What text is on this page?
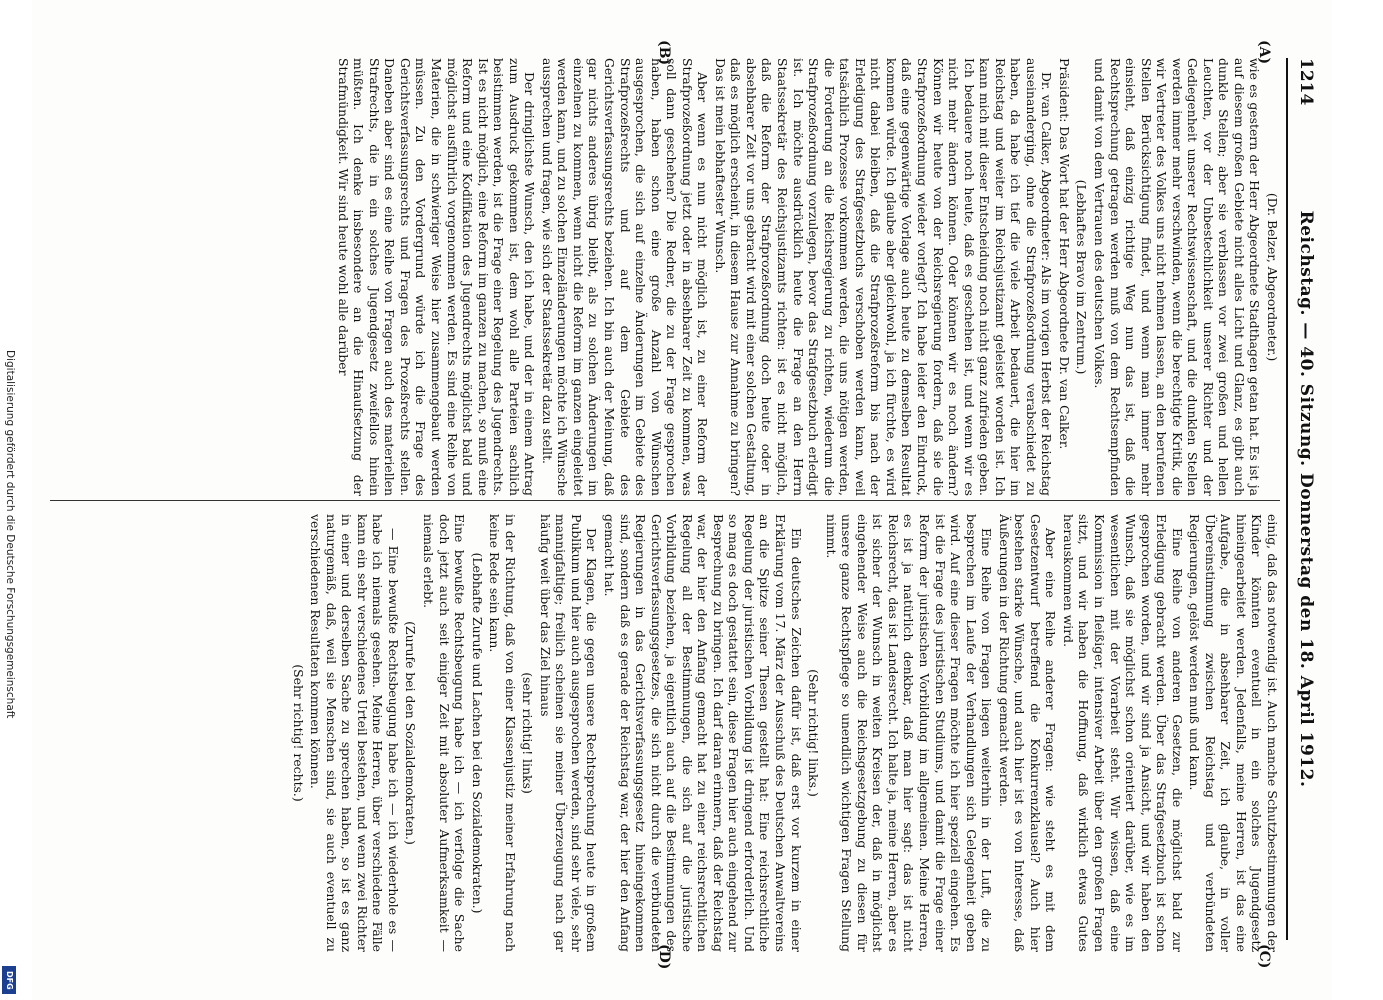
1214
Reichstag. — 40. Sitzung. Donnerstag den 18. April 1912.

(Dr. Belzer, Abgeordneter.)

wie es gestern der Herr Abgeordnete Stadthagen getan hat. Es ist ja auf diesem großen Gebiete nicht alles Licht und Glanz, es gibt auch dunkle Stellen; aber sie verblassen vor zwei großen und hellen Leuchten, vor der Unbestechlichkeit unserer Richter und der Gediegenheit unserer Rechtswissenschaft, und die dunklen Stellen werden immer mehr verschwinden, wenn die berechtigte Kritik, die wir Vertreter des Volkes uns nicht nehmen lassen, an den berufenen Stellen Berücksichtigung findet, und wenn man immer mehr einsieht, daß einzig richtige Weg nun das ist, daß die Rechtsprechung getragen werden muß von dem Rechtsempfinden und damit von dem Vertrauen des deutschen Volkes.

(Lebhaftes Bravo im Zentrum.)

Präsident: Das Wort hat der Herr Abgeordnete Dr. van Calker.

Dr. van Calker, Abgeordneter: Als im vorigen Herbst der Reichstag auseinanderging, ohne die Strafprozeßordnung verabschiedet zu haben, da habe ich tief die viele Arbeit bedauert, die hier im Reichstag und weiter im Reichsjustizamt geleistet worden ist. Ich kann mich mit dieser Entscheidung noch nicht ganz zufrieden geben. Ich bedauere noch heute, daß es geschehen ist, und wenn wir es nicht mehr ändern können. Oder können wir es noch ändern? Können wir heute von der Reichsregierung fordern, daß sie die Strafprozeßordnung wieder vorlegt? Ich habe leider den Eindruck, daß eine gegenwärtige Vorlage auch heute zu demselben Resultat kommen würde. Ich glaube aber gleichwohl, ja ich fürchte, es wird nicht dabei bleiben, daß die Strafprozeßreform bis nach der Erledigung des Strafgesetzbuchs verschoben werden kann, weil tatsächlich Prozesse vorkommen werden, die uns nötigen werden, die Forderung an die Reichsregierung zu richten, wiederum die Strafprozeßordnung vorzulegen, bevor das Strafgesetzbuch erledigt ist. Ich möchte ausdrücklich heute die Frage an den Herrn Staatssekretär des Reichsjustizamts richten: ist es nicht möglich, daß die Reform der Strafprozeßordnung doch heute oder in absehbarer Zeit vor uns gebracht wird mit einer solchen Gestaltung, daß es möglich erscheint, in diesem Hause zur Annahme zu bringen? Das ist mein lebhaftester Wunsch.

Aber wenn es nun nicht möglich ist, zu einer Reform der Strafprozeßordnung jetzt oder in absehbarer Zeit zu kommen, was soll dann geschehen? Die Redner, die zu der Frage gesprochen haben, haben schon eine große Anzahl von Wünschen ausgesprochen, die sich auf einzelne Änderungen im Gebiete des Strafprozeßrechts und auf dem Gebiete des Gerichtsverfassungsrechts beziehen. Ich bin auch der Meinung, daß gar nichts anderes übrig bleibt, als zu solchen Änderungen im einzelnen zu kommen, wenn nicht die Reform im ganzen eingeleitet werden kann, und zu solchen Einzeländerungen möchte ich Wünsche aussprechen und fragen, wie sich der Staatssekretär dazu stellt.

Der dringlichste Wunsch, den ich habe, und der in einem Antrag zum Ausdruck gekommen ist, dem wohl alle Parteien sachlich beistimmen werden, ist die Frage einer Regelung des Jugendrechts. Ist es nicht möglich, eine Reform im ganzen zu machen, so muß eine Reform und eine Kodifikation des Jugendrechts möglichst bald und möglichst ausführlich vorgenommen werden. Es sind eine Reihe von Materien, die in schwieriger Weise hier zusammengebaut werden müssen. Zu den Vordergrund würde ich die Frage des Gerichtsverfassungsrechts und Fragen des Prozeßrechts stellen. Daneben aber sind es eine Reihe von Fragen auch des materiellen Strafrechts, die in ein solches Jugendgesetz zweifellos hinein müßten. Ich denke insbesondere an die Hinaufsetzung der Strafmündigkeit. Wir sind heute wohl alle darüber

einig, daß das notwendig ist. Auch manche Schutzbestimmungen der Kinder könnten eventuell in ein solches Jugendgesetz hineingearbeitet werden. Jedenfalls, meine Herren, ist das eine Aufgabe, die in absehbarer Zeit, ich glaube, in voller Übereinstimmung zwischen Reichstag und verbündeten Regierungen, gelöst werden muß und kann.

Eine Reihe von anderen Gesetzen, die möglichst bald zur Erledigung gebracht werden. Über das Strafgesetzbuch ist schon gesprochen worden, und wir sind ja Ansicht, und wir haben den Wunsch, daß sie möglichst schon orientiert darüber, wie es im wesentlichen mit der Vorarbeit steht. Wir wissen, daß eine Kommission in fleißiger, intensiver Arbeit über den großen Fragen sitzt, und wir haben die Hoffnung, daß wirklich etwas Gutes herauskommen wird.

Aber eine Reihe anderer Fragen: wie steht es mit dem Gesetzentwurf betreffend die Konkurrenzklausel? Auch hier bestehen starke Wünsche, und auch hier ist es von Interesse, daß Äußerungen in der Richtung gemacht werden.

Eine Reihe von Fragen liegen weiterhin in der Luft, die zu besprechen im Laufe der Verhandlungen sich Gelegenheit geben wird. Auf eine dieser Fragen möchte ich hier speziell eingehen. Es ist die Frage des juristischen Studiums, und damit die Frage einer Reform der juristischen Vorbildung im allgemeinen. Meine Herren, es ist ja natürlich denkbar, daß man hier sagt: das ist nicht Reichsrecht, das ist Landesrecht. Ich halte ja, meine Herren, aber es ist sicher der Wunsch in weiten Kreisen der, daß in möglichst eingehender Weise auch die Reichsgesetzgebung zu diesen für unsere ganze Rechtspflege so unendlich wichtigen Fragen Stellung nimmt.

(Sehr richtig! links.)

Ein deutsches Zeichen dafür ist, daß erst vor kurzem in einer Erklärung vom 17. März der Ausschuß des Deutschen Anwaltvereins an die Spitze seiner Thesen gestellt hat: Eine reichsrechtliche Regelung der juristischen Vorbildung ist dringend erforderlich. Und so mag es doch gestattet sein, diese Fragen hier auch eingehend zur Besprechung zu bringen. Ich darf daran erinnern, daß der Reichstag war, der hier den Anfang gemacht hat zu einer reichsrechtlichen Regelung all der Bestimmungen, die sich auf die juristische Vorbildung beziehen, ja eigentlich auch auf die Bestimmungen des Gerichtsverfassungsgesetzes, die sich nicht durch die verbündeten Regierungen in das Gerichtsverfassungsgesetz hineingekommen sind, sondern daß es gerade der Reichstag war, der hier den Anfang gemacht hat.

Der Klagen, die gegen unsere Rechtsprechung heute in großem Publikum und hier auch ausgesprochen werden, sind sehr viele, sehr mannigfaltige; freilich scheinen sie meiner Überzeugung nach gar häufig weit über das Ziel hinaus

(sehr richtig! links)

in der Richtung, daß von einer Klassenjustiz meiner Erfahrung nach keine Rede sein kann.

(Lebhafte Zurufe und Lachen bei den Sozialdemokraten.)

Eine bewußte Rechtsbeugung habe ich — ich verfolge die Sache doch jetzt auch seit einiger Zeit mit absoluter Aufmerksamkeit — niemals erlebt.

(Zurufe bei den Sozialdemokraten.)

— Eine bewußte Rechtsbeugung habe ich — ich wiederhole es — habe ich niemals gesehen. Meine Herren, über verschiedene Fälle kann ein sehr verschiedenes Urteil bestehen, und wenn zwei Richter in einer und derselben Sache zu sprechen haben, so ist es ganz naturgemäß, daß, weil sie Menschen sind, sie auch eventuell zu verschiedenen Resultaten kommen können.

(Sehr richtig! rechts.)

(A)
(B)
(C)
(D)
Digitalisierung gefördert durch die Deutsche Forschungsgemeinschaft
DFG
